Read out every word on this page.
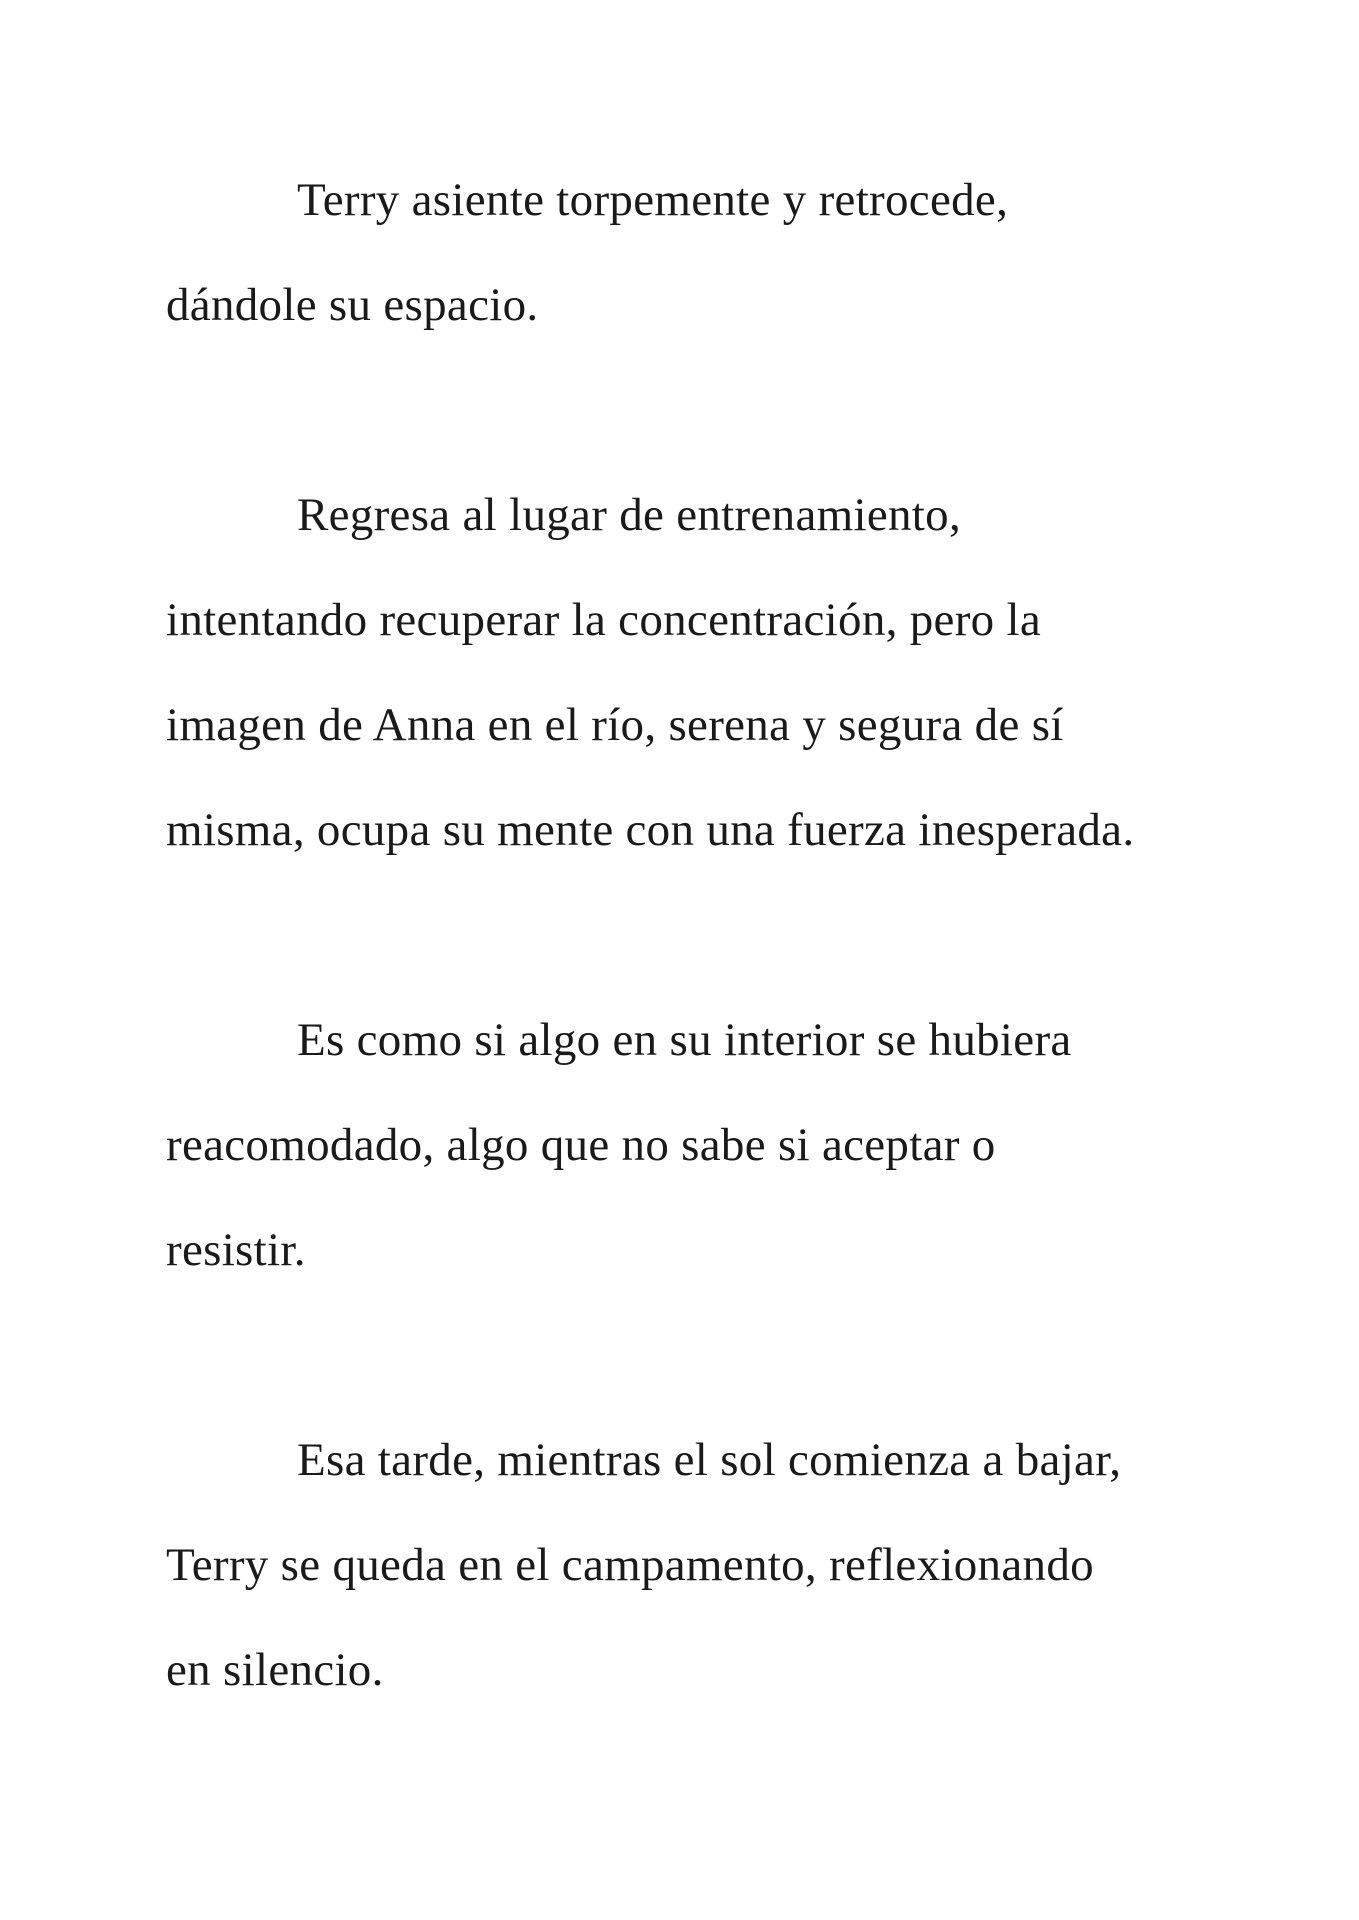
Terry asiente torpemente y retrocede,

dándole su espacio.

Regresa al lugar de entrenamiento,

intentando recuperar la concentración, pero la

imagen de Anna en el río, serena y segura de sí

misma, ocupa su mente con una fuerza inesperada.

Es como si algo en su interior se hubiera

reacomodado, algo que no sabe si aceptar o

resistir.

Esa tarde, mientras el sol comienza a bajar,

Terry se queda en el campamento, reflexionando

en silencio.
